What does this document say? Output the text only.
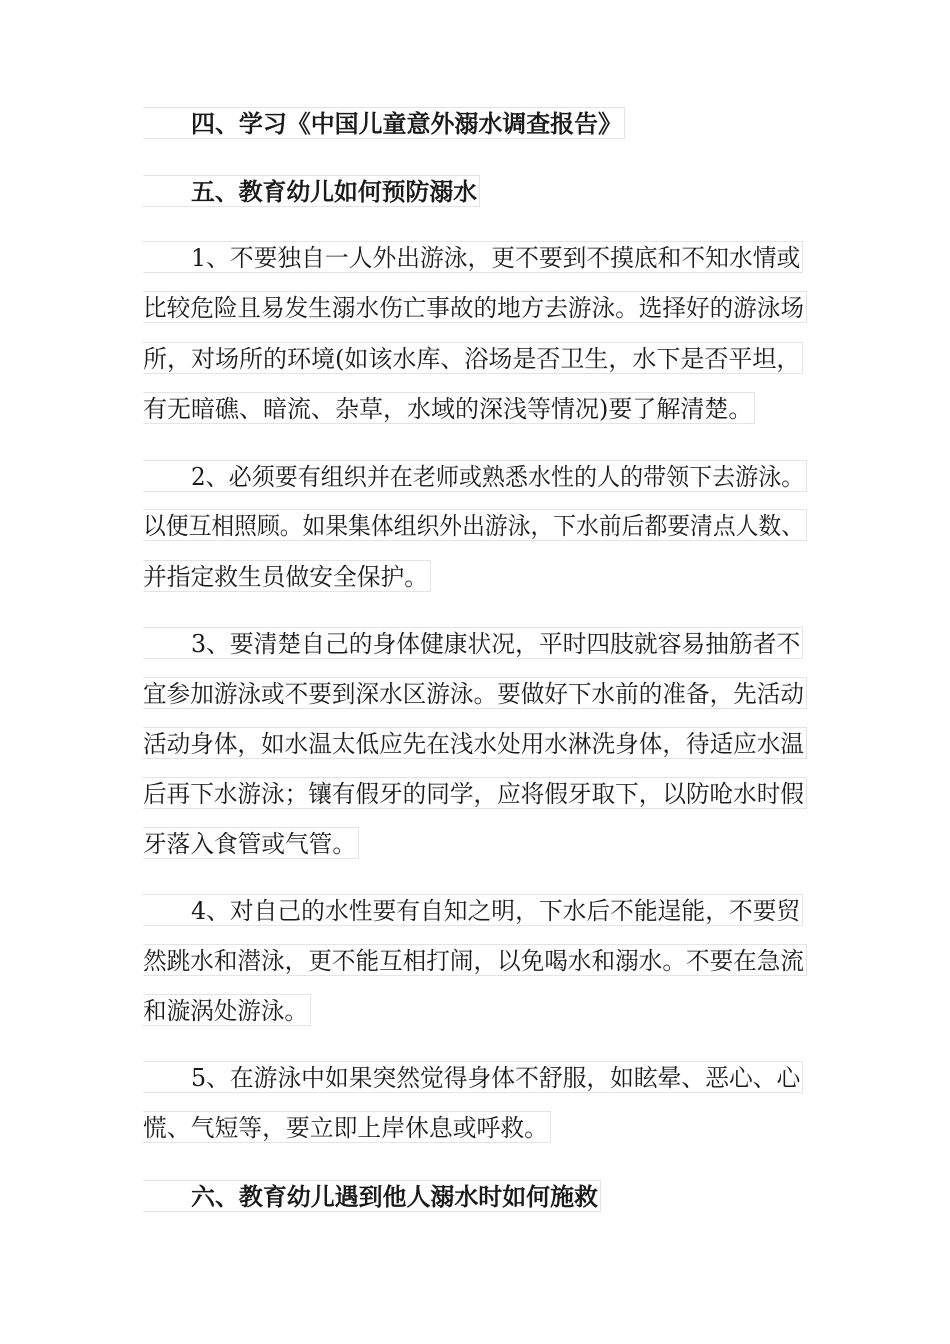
四、学习《中国儿童意外溺水调查报告》
五、教育幼儿如何预防溺水
1、不要独自一人外出游泳，更不要到不摸底和不知水情或
比较危险且易发生溺水伤亡事故的地方去游泳。选择好的游泳场
所，对场所的环境(如该水库、浴场是否卫生，水下是否平坦，
有无暗礁、暗流、杂草，水域的深浅等情况)要了解清楚。
2、必须要有组织并在老师或熟悉水性的人的带领下去游泳。
以便互相照顾。如果集体组织外出游泳，下水前后都要清点人数、
并指定救生员做安全保护。
3、要清楚自己的身体健康状况，平时四肢就容易抽筋者不
宜参加游泳或不要到深水区游泳。要做好下水前的准备，先活动
活动身体，如水温太低应先在浅水处用水淋洗身体，待适应水温
后再下水游泳；镶有假牙的同学，应将假牙取下，以防呛水时假
牙落入食管或气管。
4、对自己的水性要有自知之明，下水后不能逞能，不要贸
然跳水和潜泳，更不能互相打闹，以免喝水和溺水。不要在急流
和漩涡处游泳。
5、在游泳中如果突然觉得身体不舒服，如眩晕、恶心、心
慌、气短等，要立即上岸休息或呼救。
六、教育幼儿遇到他人溺水时如何施救
